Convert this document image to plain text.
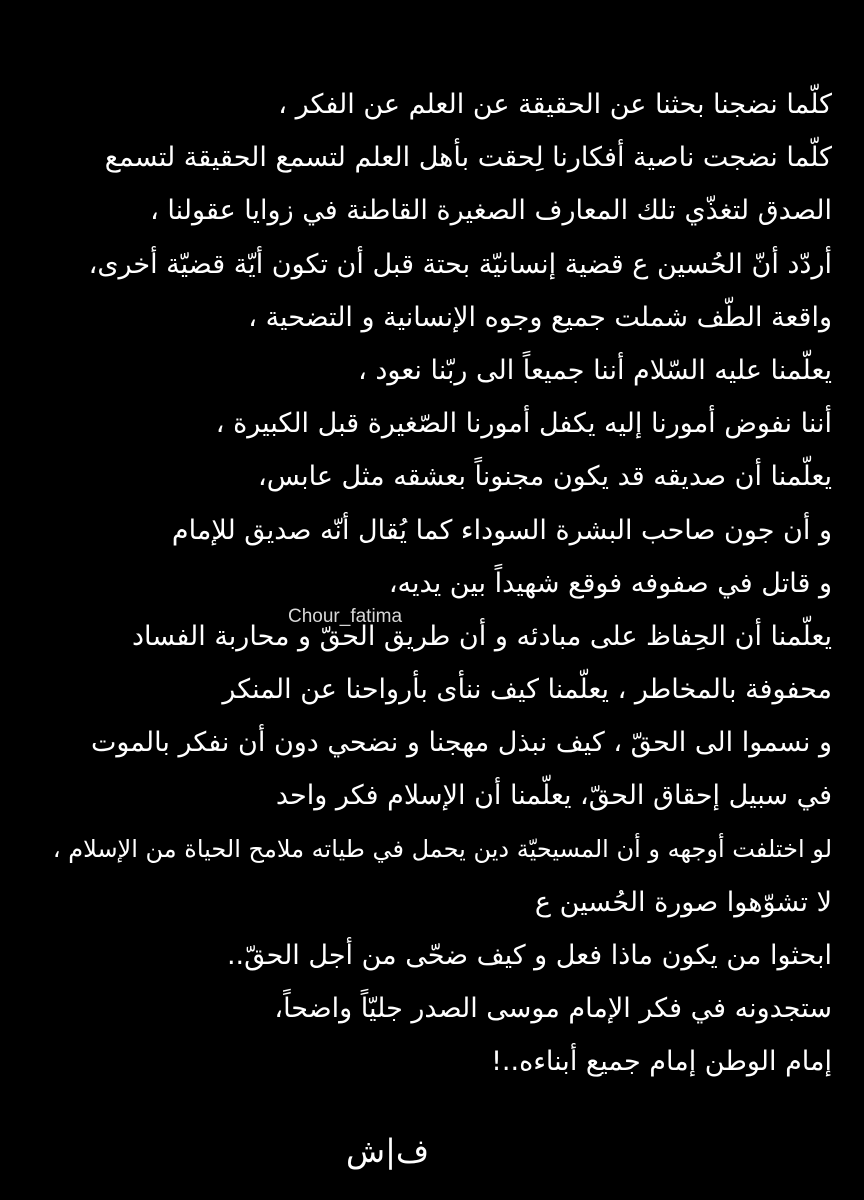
كلّما نضجنا بحثنا عن الحقيقة عن العلم عن الفكر ،
كلّما نضجت ناصية أفكارنا لِحقت بأهل العلم لتسمع الحقيقة لتسمع
الصدق لتغذّي تلك المعارف الصغيرة القاطنة في زوايا عقولنا ،
أردّد أنّ الحُسين ع قضية إنسانيّة بحتة قبل أن تكون أيّة قضيّة أخرى،
واقعة الطّف شملت جميع وجوه الإنسانية و التضحية ،
يعلّمنا عليه السّلام أننا جميعاً الى ربّنا نعود ،
أننا نفوض أمورنا إليه يكفل أمورنا الصّغيرة قبل الكبيرة ،
يعلّمنا أن صديقه قد يكون مجنوناً بعشقه مثل عابس،
و أن جون صاحب البشرة السوداء كما يُقال أنّه صديق للإمام
و قاتل في صفوفه فوقع شهيداً بين يديه،
يعلّمنا أن الحِفاظ على مبادئه و أن طريق الحقّ و محاربة الفساد
محفوفة بالمخاطر ، يعلّمنا كيف ننأى بأرواحنا عن المنكر
و نسموا الى الحقّ ، كيف نبذل مهجنا و نضحي دون أن نفكر بالموت
في سبيل إحقاق الحقّ، يعلّمنا أن الإسلام فكر واحد
لو اختلفت أوجهه و أن المسيحيّة دين يحمل في طياته ملامح الحياة من الإسلام ،
لا تشوّهوا صورة الحُسين ع
ابحثوا من يكون ماذا فعل و كيف ضحّى من أجل الحقّ..
ستجدونه في فكر الإمام موسى الصدر جليّاً واضحاً،
إمام الوطن إمام جميع أبناءه..!
Chour_fatima
ف|ش
